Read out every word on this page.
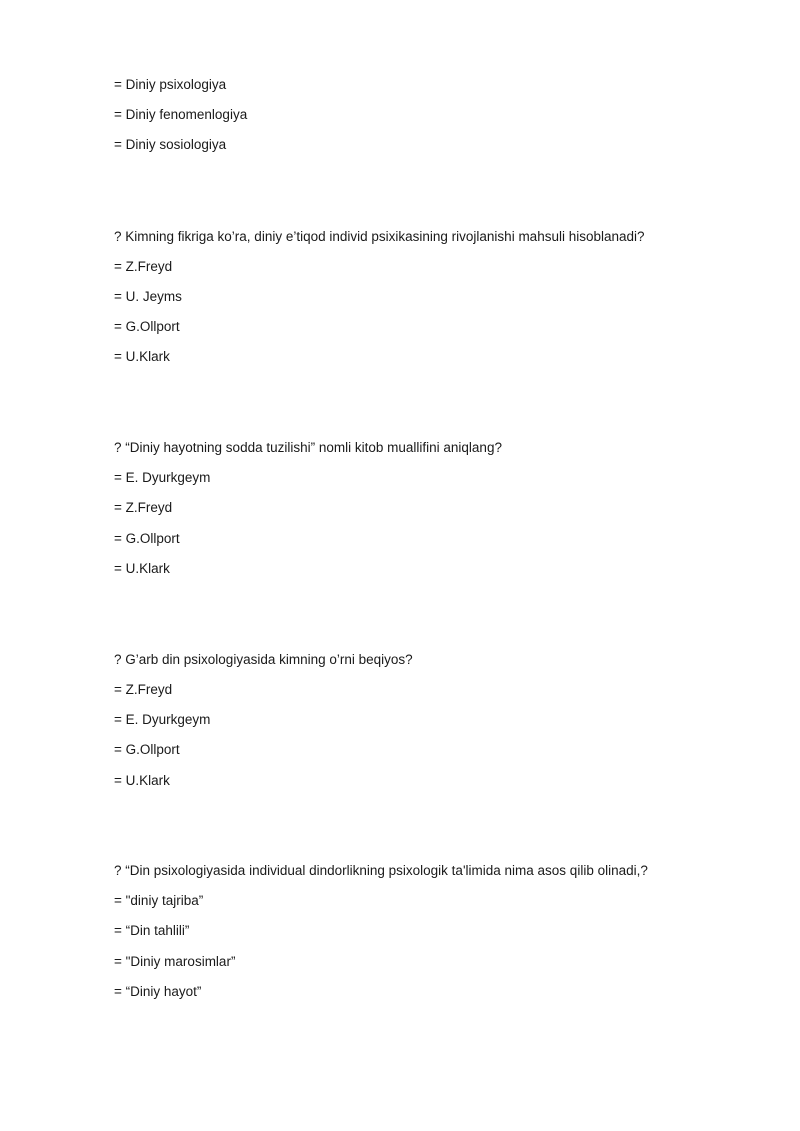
= Diniy psixologiya
= Diniy fenomenlogiya
= Diniy sosiologiya
? Kimning fikriga ko’ra, diniy e’tiqod individ psixikasining rivojlanishi mahsuli hisoblanadi?
= Z.Freyd
= U. Jeyms
= G.Ollport
= U.Klark
? “Diniy hayotning sodda tuzilishi” nomli kitob muallifini aniqlang?
= E. Dyurkgeym
= Z.Freyd
= G.Ollport
= U.Klark
? G’arb din psixologiyasida kimning o’rni beqiyos?
= Z.Freyd
= E. Dyurkgeym
= G.Ollport
= U.Klark
? “Din psixologiyasida individual dindorlikning psixologik ta'limida nima asos qilib olinadi,?
= "diniy tajriba”
= “Din tahlili”
= "Diniy marosimlar”
= “Diniy hayot”
